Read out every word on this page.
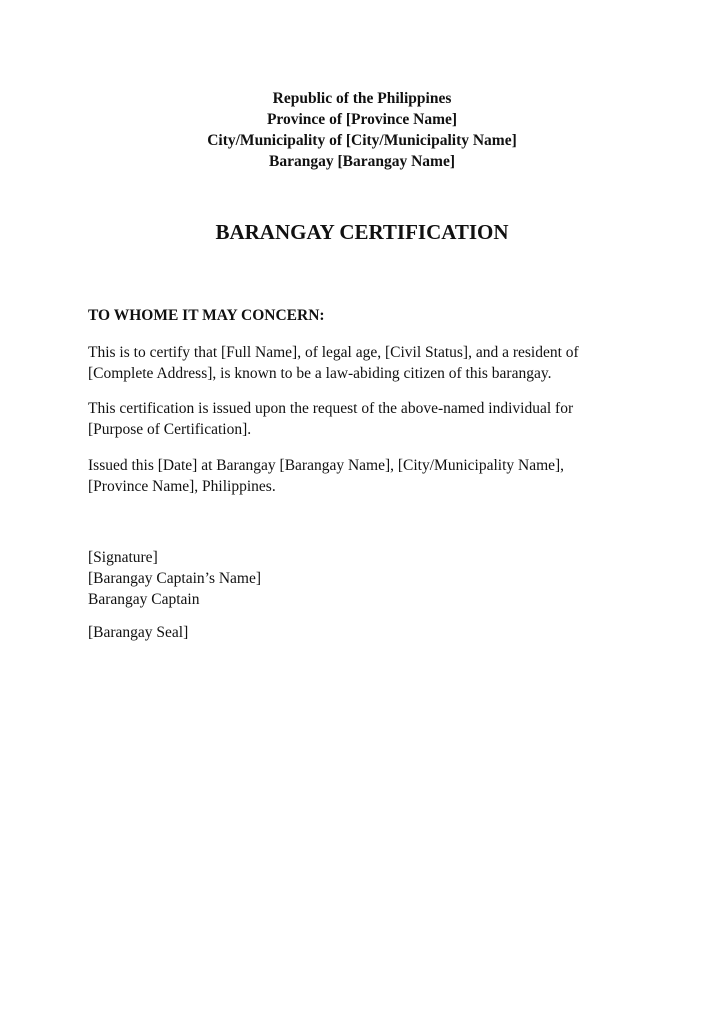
Republic of the Philippines
Province of [Province Name]
City/Municipality of [City/Municipality Name]
Barangay [Barangay Name]
BARANGAY CERTIFICATION
TO WHOME IT MAY CONCERN:
This is to certify that [Full Name], of legal age, [Civil Status], and a resident of
[Complete Address], is known to be a law-abiding citizen of this barangay.
This certification is issued upon the request of the above-named individual for
[Purpose of Certification].
Issued this [Date] at Barangay [Barangay Name], [City/Municipality Name],
[Province Name], Philippines.
[Signature]
[Barangay Captain’s Name]
Barangay Captain
[Barangay Seal]
